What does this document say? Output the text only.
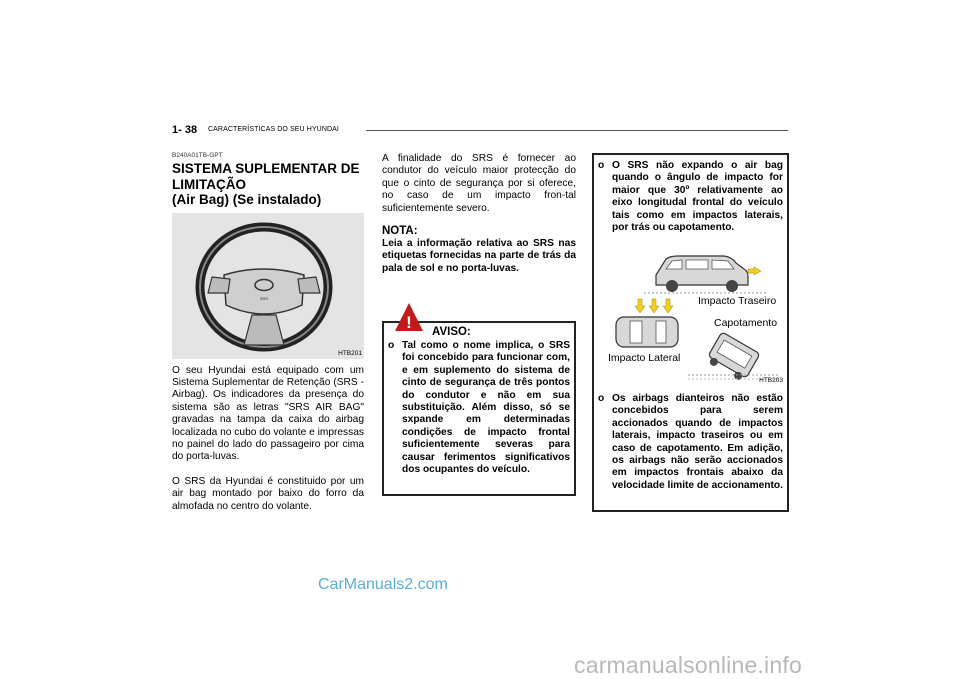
1- 38 CARACTERÍSTICAS DO SEU HYUNDAI
B240A01TB-GPT
SISTEMA SUPLEMENTAR DE
LIMITAÇÃO
(Air Bag) (Se instalado)
SRS
HTB201

O seu Hyundai está equipado com um Sistema Suplementar de Retenção (SRS - Airbag). Os indicadores da presença do sistema são as letras "SRS AIR BAG" gravadas na tampa da caixa do airbag localizada no cubo do volante e impressas no painel do lado do passageiro por cima do porta-luvas.

O SRS da Hyundai é constituido por um air bag montado por baixo do forro da almofada no centro do volante.

A finalidade do SRS é fornecer ao condutor do veículo maior protecção do que o cinto de segurança por si oferece, no caso de um impacto fron-tal suficientemente severo.

NOTA:

Leia a informação relativa ao SRS nas etiquetas fornecidas na parte de trás da pala de sol e no porta-luvas.

AVISO:
o Tal como o nome implica, o SRS foi concebido para funcionar com, e em suplemento do sistema de cinto de segurança de três pontos do condutor e não em sua substituição. Além disso, só se sxpande em determinadas condições de impacto frontal suficientemente severas para causar ferimentos significativos dos ocupantes do veículo.
!
o O SRS não expando o air bag quando o ângulo de impacto for maior que 30º relativamente ao eixo longitudal frontal do veículo tais como em impactos laterais, por trás ou capotamento.
Impacto Traseiro
Capotamento
Impacto Lateral
HTB203
o Os airbags dianteiros não estão concebidos para serem accionados quando de impactos laterais, impacto traseiros ou em caso de capotamento. Em adição, os airbags não serão accionados em impactos frontais abaixo da velocidade limite de accionamento.
CarManuals2.com
carmanualsonline.info
